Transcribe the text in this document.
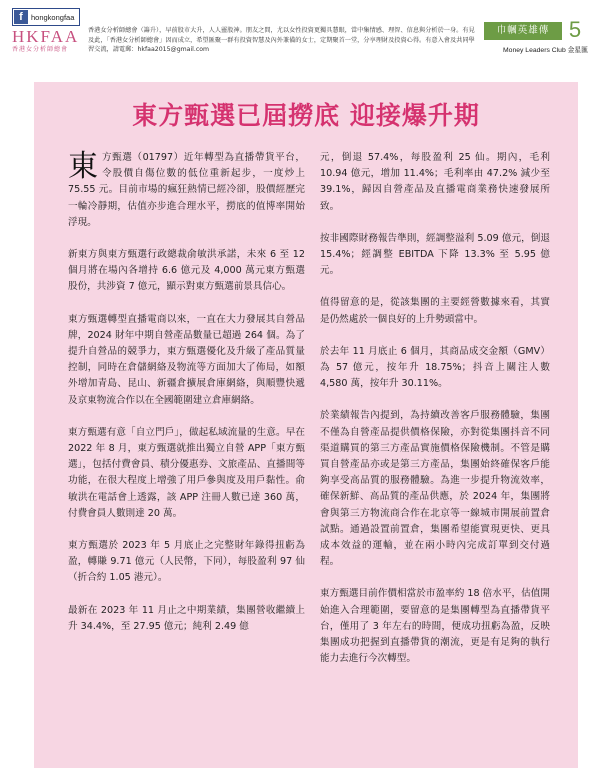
f	hongkongfaa
HKFAA
香港女分析師總會
香港女分析師總會（籌升），早前股市大升，人人靈股神。朋友之間，尤以女性投資更獨具慧眼，當中集情感、理智、信息與分析於一身。有見及此，「香港女分析師總會」因而成立，希望匯聚一群有投資智慧及內外兼備的女士，定期聚首一堂，分享理財及投資心得。有意入會及共同學習交流，請電郵：hkfaa2015@gmail.com
巾幗英雄傳 5
Money Leaders Club 金星匯
東方甄選已屆撈底 迎接爆升期

東方甄選（01797）近年轉型為直播帶貨平台，令股價自傷位數的低位重新起步，一度炒上 75.55 元。目前市場的瘋狂熱情已經冷卻，股價經歷完一輪冷靜期，估值亦步進合理水平，撈底的值博率開始浮現。

新東方與東方甄選行政總裁俞敏洪承諾，未來 6 至 12 個月將在場內各增持 6.6 億元及 4,000 萬元東方甄選股份，共涉資 7 億元，顯示對東方甄選前景具信心。

東方甄選轉型直播電商以來，一直在大力發展其自營品牌，2024 財年中期自營產品數量已超過 264 個。為了提升自營品的競爭力，東方甄選優化及升級了產品質量控制，同時在倉儲網絡及物流等方面加大了佈局，如額外增加青島、昆山、新疆倉擴展倉庫網絡，與順豐快遞及京東物流合作以在全國範圍建立倉庫網絡。

東方甄選有意「自立門戶」，做起私域流量的生意。早在 2022 年 8 月，東方甄選就推出獨立自營 APP「東方甄選」，包括付費會員、積分優惠券、文旅產品、直播間等功能，在很大程度上增強了用戶參與度及用戶黏性。俞敏洪在電話會上透露，該 APP 注冊人數已達 360 萬，付費會員人數則達 20 萬。

東方甄選於 2023 年 5 月底止之完整財年錄得扭虧為盈，轉賺 9.71 億元（人民幣，下同），每股盈利 97 仙（折合約 1.05 港元）。

最新在 2023 年 11 月止之中期業績，集團營收繼續上升 34.4%，至 27.95 億元；純利 2.49 億

元，倒退 57.4%，每股盈利 25 仙。期內，毛利 10.94 億元，增加 11.4%；毛利率由 47.2% 減少至 39.1%，歸因自營產品及直播電商業務快速發展所致。

按非國際財務報告準則，經調整溢利 5.09 億元，倒退 15.4%；經調整 EBITDA 下降 13.3% 至 5.95 億元。

值得留意的是，從該集團的主要經營數據來看，其實是仍然處於一個良好的上升勢頭當中。

於去年 11 月底止 6 個月，其商品成交金額（GMV）為 57 億元，按年升 18.75%；抖音上關注人數 4,580 萬，按年升 30.11%。

於業績報告內提到，為持續改善客戶服務體驗，集團不僅為自營產品提供價格保險，亦對從集團抖音不同渠道購買的第三方產品實施價格保險機制。不管是購買自營產品亦或是第三方產品，集團始終確保客戶能夠享受高品質的服務體驗。為進一步提升物流效率，確保新鮮、高品質的產品供應，於 2024 年，集團將會與第三方物流商合作在北京等一線城市開展前置倉試點。通過設置前置倉，集團希望能實現更快、更具成本效益的運輸，並在兩小時內完成訂單到交付過程。

東方甄選目前作價相當於市盈率約 18 倍水平，估值開始進入合理範圍，要留意的是集團轉型為直播帶貨平台，僅用了 3 年左右的時間，便成功扭虧為盈，反映集團成功把握到直播帶貨的潮流，更是有足夠的執行能力去進行今次轉型。
